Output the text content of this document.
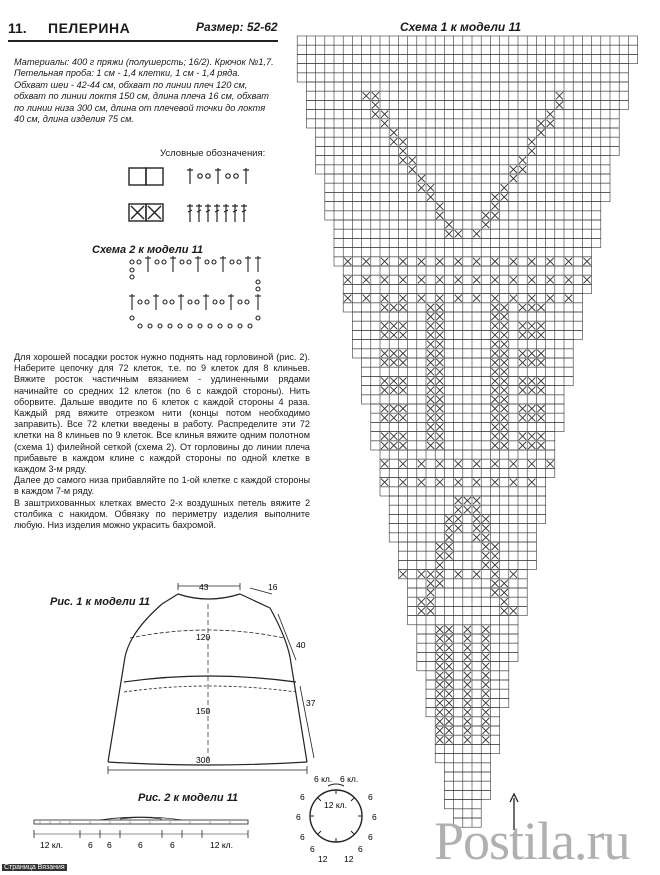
11. ПЕЛЕРИНА	Размер: 52-62	Схема 1 к модели 11
Материалы: 400 г пряжи (полушерсть; 16/2). Крючок №1,7.
Петельная проба: 1 см - 1,4 клетки, 1 см - 1,4 ряда.
Обхват шеи - 42-44 см, обхват по линии плеч 120 см, обхват по линии локтя 150 см, длина плеча 16 см, обхват по линии низа 300 см, длина от плечевой точки до локтя 40 см, длина изделия 75 см.
Условные обозначения:
Схема 2 к модели 11

Для хорошей посадки росток нужно поднять над горловиной (рис. 2). Наберите цепочку для 72 клеток, т.е. по 9 клеток для 8 клиньев. Вяжите росток частичным вязанием - удлиненными рядами начинайте со средних 12 клеток (по 6 с каждой стороны). Нить оборвите. Дальше вводите по 6 клеток с каждой стороны 4 раза. Каждый ряд вяжите отрезком нити (концы потом необходимо заправить). Все 72 клетки введены в работу. Распределите эти 72 клетки на 8 клиньев по 9 клеток. Все клинья вяжите одним полотном (схема 1) филейной сеткой (схема 2). От горловины до линии плеча прибавьте в каждом клине с каждой стороны по одной клетке в каждом 3-м ряду.

Далее до самого низа прибавляйте по 1-ой клетке с каждой стороны в каждом 7-м ряду.

В заштрихованных клетках вместо 2-х воздушных петель вяжите 2 столбика с накидом. Обвязку по периметру изделия выполните любую. Низ изделия можно украсить бахромой.

Рис. 1 к модели 11
43	16
120
40
150
37
300
Рис. 2 к модели 11
12 кл.	6 6	6	6	12 кл.
12 кл.
6 кл. 6 кл.
6	6
6	6
6	6
6	6
12 12 Postila.ru
Страница Вязания
